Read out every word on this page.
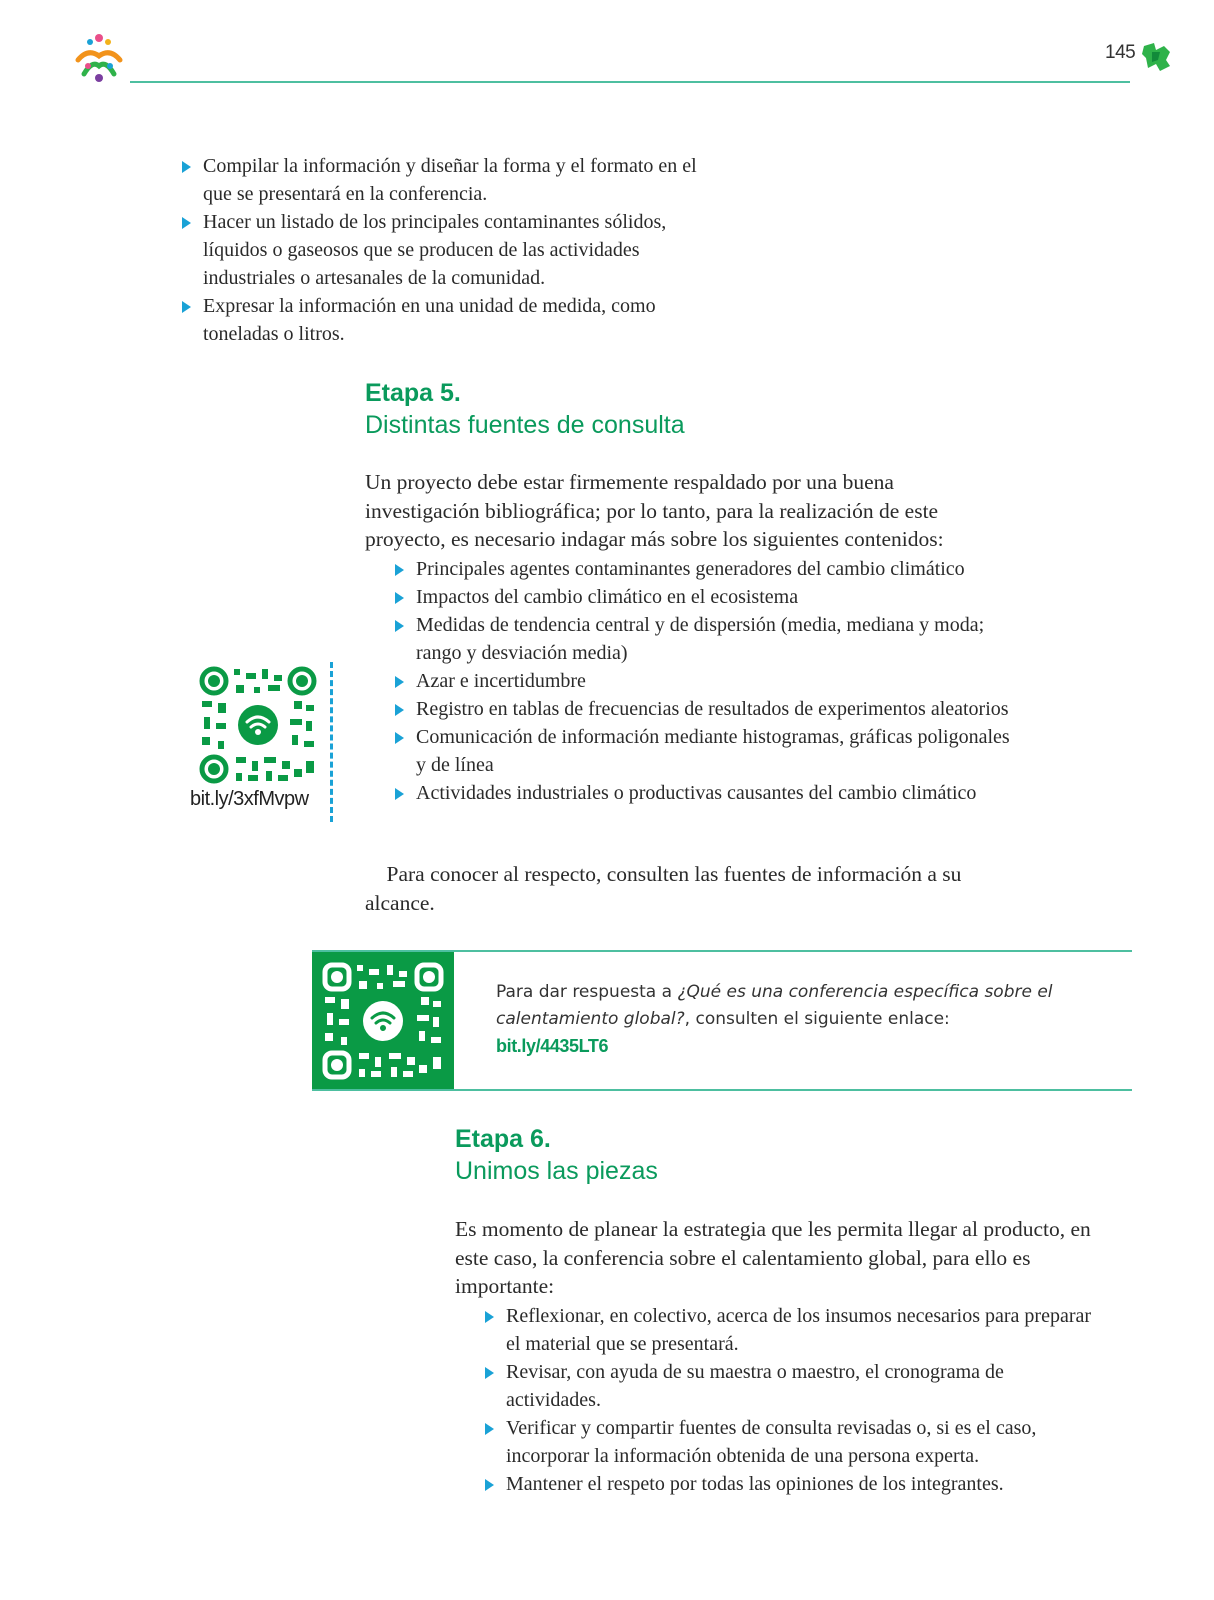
145
Compilar la información y diseñar la forma y el formato en el que se presentará en la conferencia.
Hacer un listado de los principales contaminantes sólidos, líquidos o gaseosos que se producen de las actividades industriales o artesanales de la comunidad.
Expresar la información en una unidad de medida, como toneladas o litros.
Etapa 5.
Distintas fuentes de consulta
Un proyecto debe estar firmemente respaldado por una buena investigación bibliográfica; por lo tanto, para la realización de este proyecto, es necesario indagar más sobre los siguientes contenidos:
Principales agentes contaminantes generadores del cambio climático
Impactos del cambio climático en el ecosistema
Medidas de tendencia central y de dispersión (media, mediana y moda; rango y desviación media)
Azar e incertidumbre
Registro en tablas de frecuencias de resultados de experimentos aleatorios
Comunicación de información mediante histogramas, gráficas poligonales y de línea
Actividades industriales o productivas causantes del cambio climático
 Para conocer al respecto, consulten las fuentes de información a su alcance.
bit.ly/3xfMvpw
Para dar respuesta a ¿Qué es una conferencia específica sobre el calentamiento global?, consulten el siguiente enlace:
bit.ly/4435LT6
Etapa 6.
Unimos las piezas
Es momento de planear la estrategia que les permita llegar al producto, en este caso, la conferencia sobre el calentamiento global, para ello es importante:
Reflexionar, en colectivo, acerca de los insumos necesarios para preparar el material que se presentará.
Revisar, con ayuda de su maestra o maestro, el cronograma de actividades.
Verificar y compartir fuentes de consulta revisadas o, si es el caso, incorporar la información obtenida de una persona experta.
Mantener el respeto por todas las opiniones de los integrantes.
